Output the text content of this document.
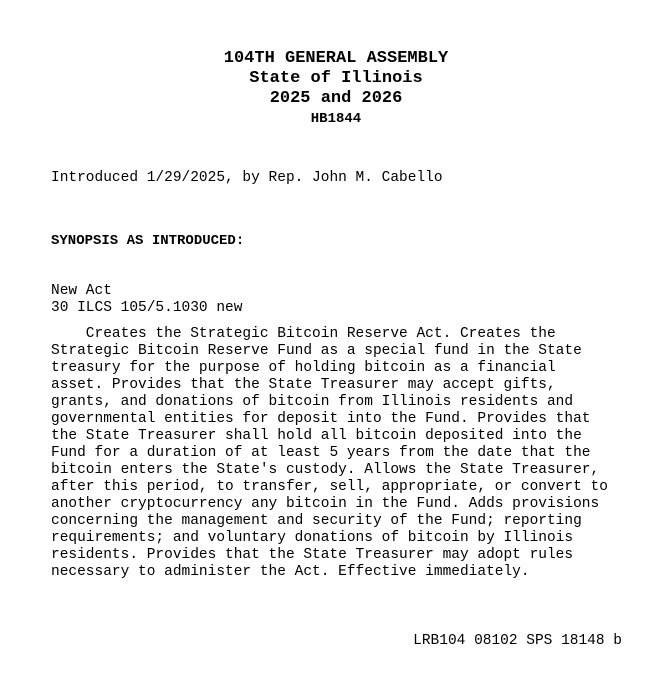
104TH GENERAL ASSEMBLY
State of Illinois
2025 and 2026
HB1844
Introduced 1/29/2025, by Rep. John M. Cabello
SYNOPSIS AS INTRODUCED:
New Act
30 ILCS 105/5.1030 new
Creates the Strategic Bitcoin Reserve Act. Creates the
Strategic Bitcoin Reserve Fund as a special fund in the State
treasury for the purpose of holding bitcoin as a financial
asset. Provides that the State Treasurer may accept gifts,
grants, and donations of bitcoin from Illinois residents and
governmental entities for deposit into the Fund. Provides that
the State Treasurer shall hold all bitcoin deposited into the
Fund for a duration of at least 5 years from the date that the
bitcoin enters the State's custody. Allows the State Treasurer,
after this period, to transfer, sell, appropriate, or convert to
another cryptocurrency any bitcoin in the Fund. Adds provisions
concerning the management and security of the Fund; reporting
requirements; and voluntary donations of bitcoin by Illinois
residents. Provides that the State Treasurer may adopt rules
necessary to administer the Act. Effective immediately.
LRB104 08102 SPS 18148 b
